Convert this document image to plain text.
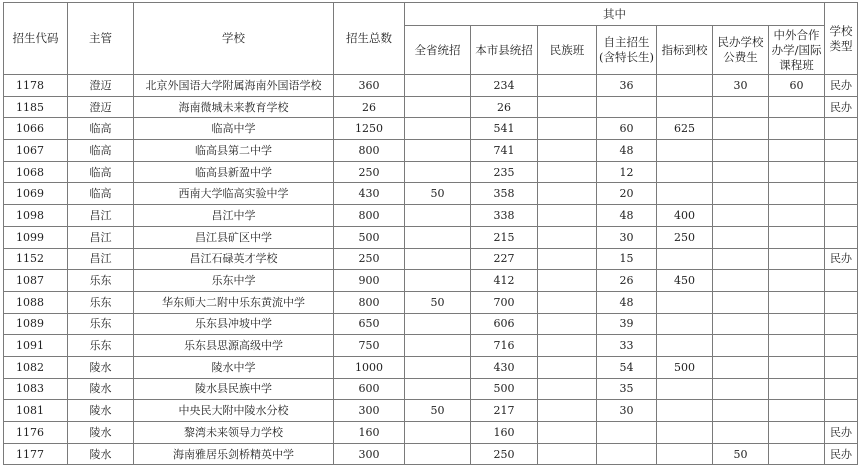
招生代码	主管	学校	招生总数	其中							学校类型
				全省统招	本市县统招	民族班	自主招生(含特长生)	指标到校	民办学校公费生	中外合作办学/国际课程班	
1178	澄迈	北京外国语大学附属海南外国语学校	360		234		36		30	60	民办
1185	澄迈	海南微城未来教育学校	26		26						民办
1066	临高	临高中学	1250		541		60	625			
1067	临高	临高县第二中学	800		741		48				
1068	临高	临高县新盈中学	250		235		12				
1069	临高	西南大学临高实验中学	430	50	358		20				
1098	昌江	昌江中学	800		338		48	400			
1099	昌江	昌江县矿区中学	500		215		30	250			
1152	昌江	昌江石碌英才学校	250		227		15				民办
1087	乐东	乐东中学	900		412		26	450			
1088	乐东	华东师大二附中乐东黄流中学	800	50	700		48				
1089	乐东	乐东县冲坡中学	650		606		39				
1091	乐东	乐东县思源高级中学	750		716		33				
1082	陵水	陵水中学	1000		430		54	500			
1083	陵水	陵水县民族中学	600		500		35				
1081	陵水	中央民大附中陵水分校	300	50	217		30				
1176	陵水	黎湾未来领导力学校	160		160						民办
1177	陵水	海南雅居乐剑桥精英中学	300		250				50		民办
